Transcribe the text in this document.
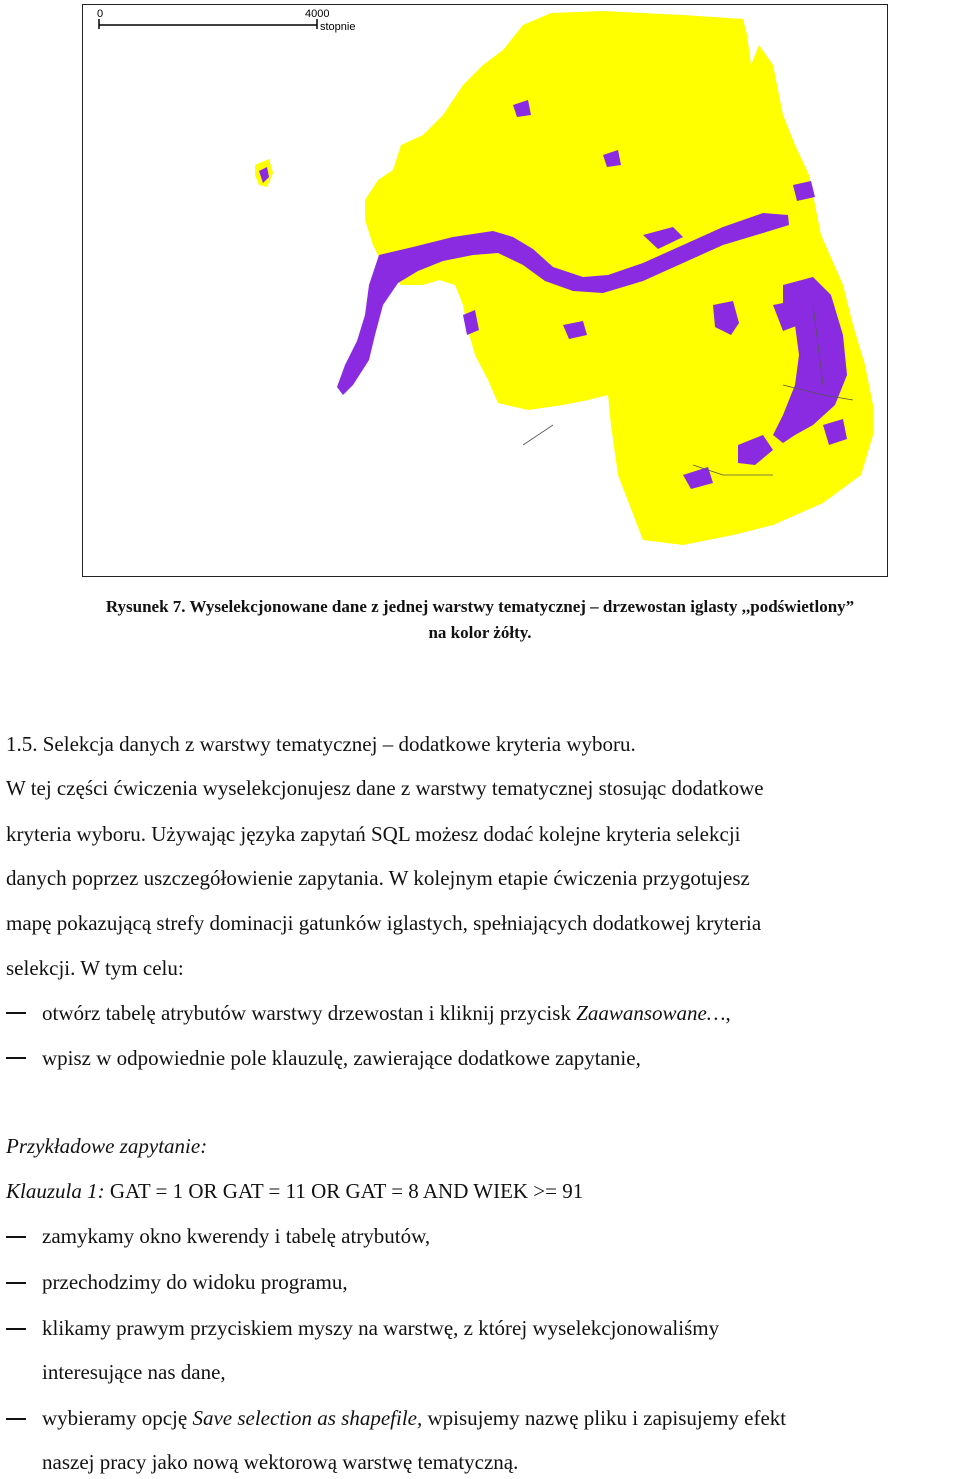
0	4000
stopnie
Rysunek 7. Wyselekcjonowane dane z jednej warstwy tematycznej – drzewostan iglasty ,,podświetlony”
na kolor żółty.
1.5. Selekcja danych z warstwy tematycznej – dodatkowe kryteria wyboru.
W tej części ćwiczenia wyselekcjonujesz dane z warstwy tematycznej stosując dodatkowe
kryteria wyboru. Używając języka zapytań SQL możesz dodać kolejne kryteria selekcji
danych poprzez uszczegółowienie zapytania. W kolejnym etapie ćwiczenia przygotujesz
mapę pokazującą strefy dominacji gatunków iglastych, spełniających dodatkowej kryteria
selekcji. W tym celu:
otwórz tabelę atrybutów warstwy drzewostan i kliknij przycisk Zaawansowane…,
wpisz w odpowiednie pole klauzulę, zawierające dodatkowe zapytanie,
Przykładowe zapytanie:
Klauzula 1: GAT = 1 OR GAT = 11 OR GAT = 8 AND WIEK >= 91
zamykamy okno kwerendy i tabelę atrybutów,
przechodzimy do widoku programu,
klikamy prawym przyciskiem myszy na warstwę, z której wyselekcjonowaliśmy
interesujące nas dane,
wybieramy opcję Save selection as shapefile, wpisujemy nazwę pliku i zapisujemy efekt
naszej pracy jako nową wektorową warstwę tematyczną.
